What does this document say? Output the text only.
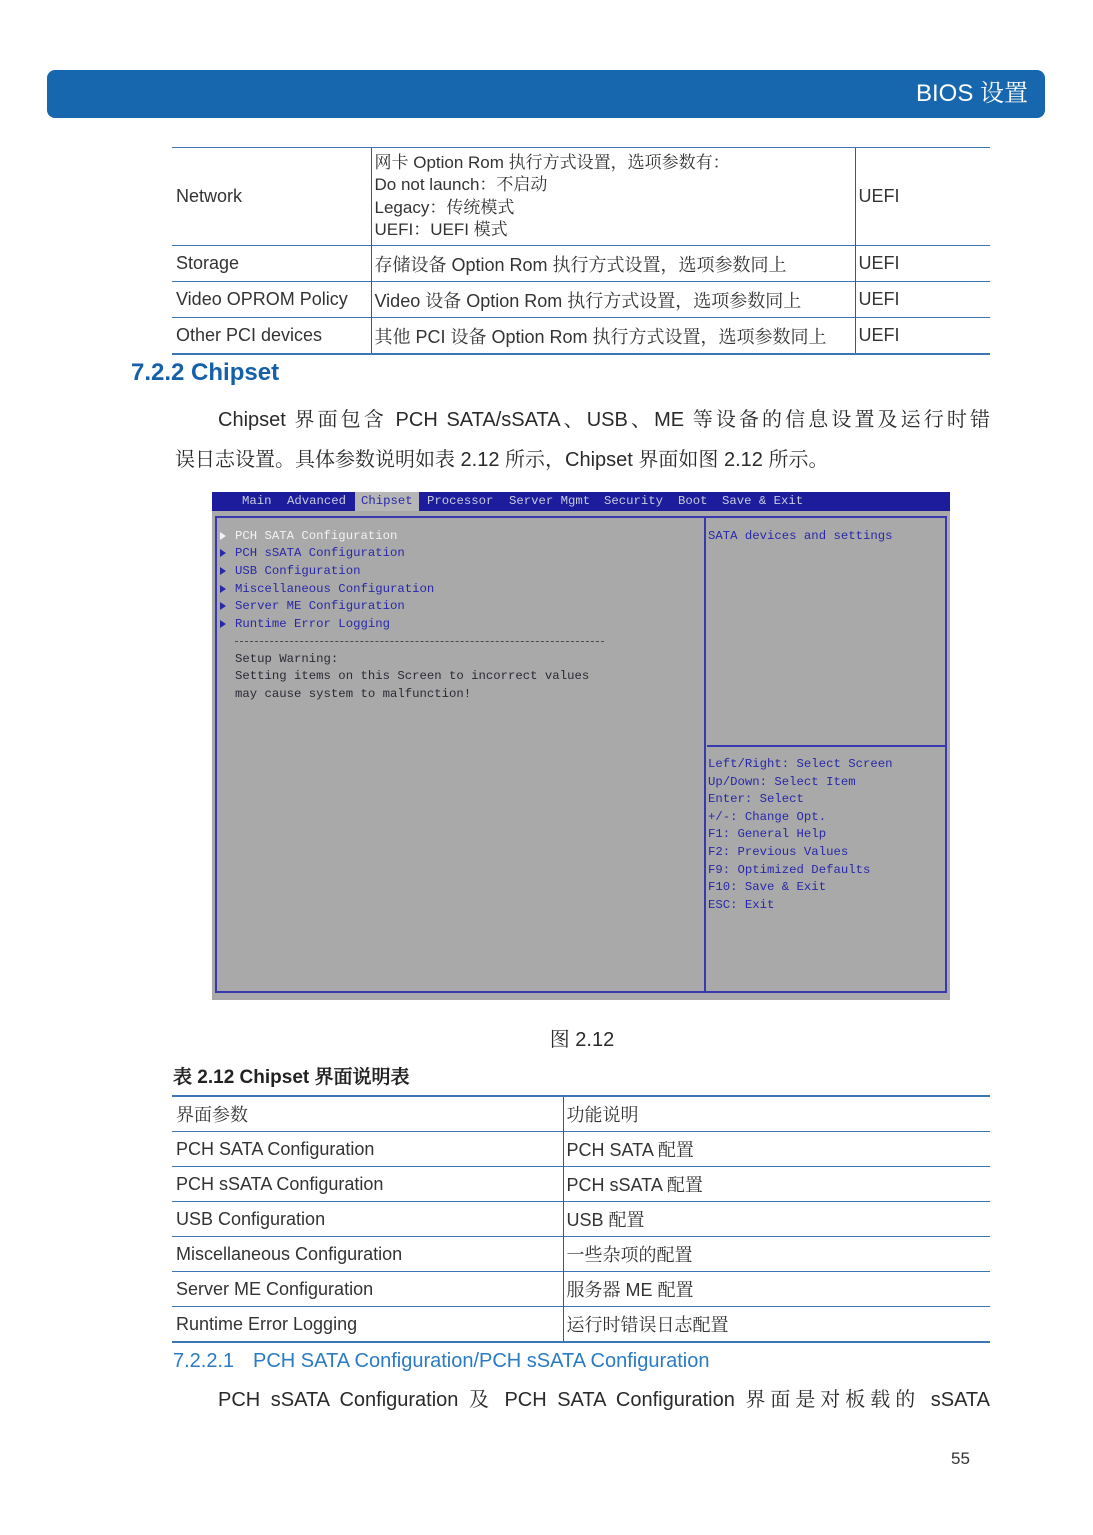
BIOS 设置
Network	网卡 Option Rom 执行方式设置，选项参数有：
Do not launch：不启动
Legacy：传统模式
UEFI：UEFI 模式	UEFI
Storage	存储设备 Option Rom 执行方式设置，选项参数同上	UEFI
Video OPROM Policy	Video 设备 Option Rom 执行方式设置，选项参数同上	UEFI
Other PCI devices	其他 PCI 设备 Option Rom 执行方式设置，选项参数同上	UEFI
7.2.2 Chipset
Chipset 界面包含 PCH SATA/sSATA、USB、ME 等设备的信息设置及运行时错
误日志设置。具体参数说明如表 2.12 所示，Chipset 界面如图 2.12 所示。
Main	Advanced	Chipset	Processor	Server Mgmt	Security	Boot	Save & Exit
PCH SATA Configuration
PCH sSATA Configuration
USB Configuration
Miscellaneous Configuration
Server ME Configuration
Runtime Error Logging
Setup Warning:
Setting items on this Screen to incorrect values
may cause system to malfunction!
SATA devices and settings
Left/Right: Select Screen
Up/Down: Select Item
Enter: Select
+/-: Change Opt.
F1: General Help
F2: Previous Values
F9: Optimized Defaults
F10: Save & Exit
ESC: Exit
图 2.12
表 2.12 Chipset 界面说明表
界面参数	功能说明
PCH SATA Configuration	PCH SATA 配置
PCH sSATA Configuration	PCH sSATA 配置
USB Configuration	USB 配置
Miscellaneous Configuration	一些杂项的配置
Server ME Configuration	服务器 ME 配置
Runtime Error Logging	运行时错误日志配置
7.2.2.1 PCH SATA Configuration/PCH sSATA Configuration
PCH sSATA Configuration 及 PCH SATA Configuration 界面是对板载的 sSATA
55
